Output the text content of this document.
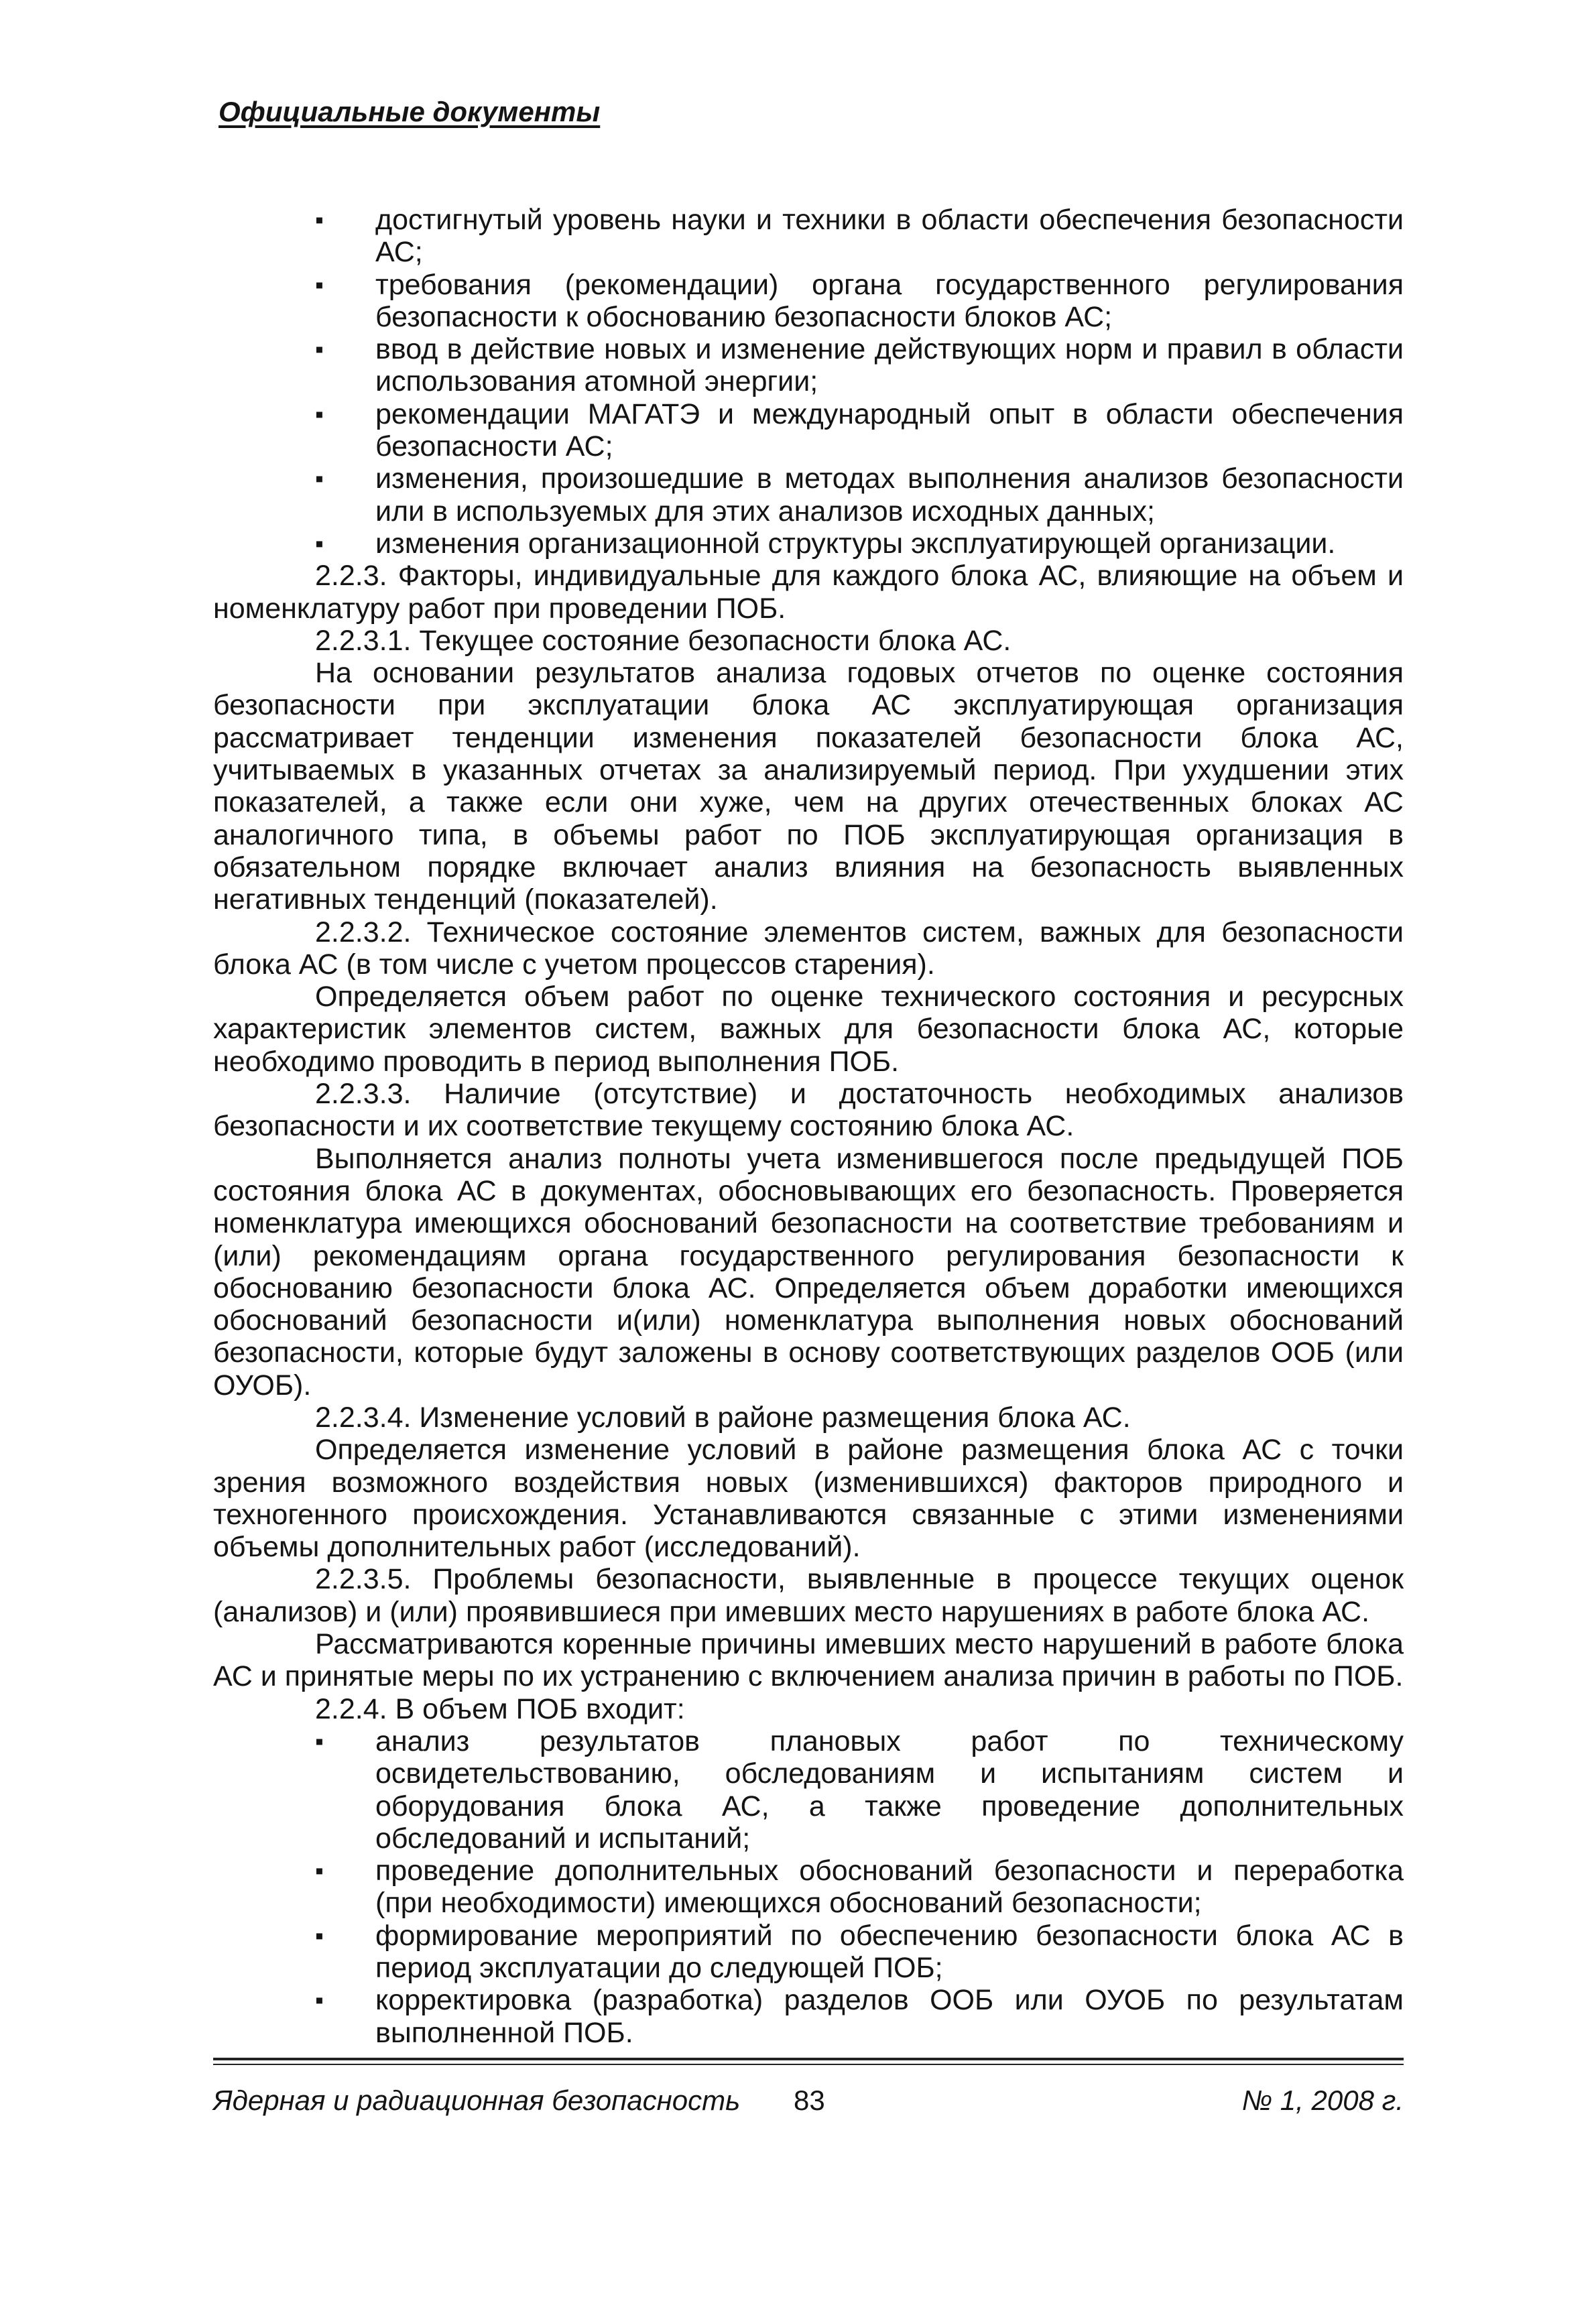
Официальные документы
▪ достигнутый уровень науки и техники в области обеспечения безопасности АС;
▪ требования (рекомендации) органа государственного регулирования безопасности к обоснованию безопасности блоков АС;
▪ ввод в действие новых и изменение действующих норм и правил в области использования атомной энергии;
▪ рекомендации МАГАТЭ и международный опыт в области обеспечения безопасности АС;
▪ изменения, произошедшие в методах выполнения анализов безопасности или в используемых для этих анализов исходных данных;
▪ изменения организационной структуры эксплуатирующей организации.

2.2.3. Факторы, индивидуальные для каждого блока АС, влияющие на объем и номенклатуру работ при проведении ПОБ.

2.2.3.1. Текущее состояние безопасности блока АС.

На основании результатов анализа годовых отчетов по оценке состояния безопасности при эксплуатации блока АС эксплуатирующая организация рассматривает тенденции изменения показателей безопасности блока АС, учитываемых в указанных отчетах за анализируемый период. При ухудшении этих показателей, а также если они хуже, чем на других отечественных блоках АС аналогичного типа, в объемы работ по ПОБ эксплуатирующая организация в обязательном порядке включает анализ влияния на безопасность выявленных негативных тенденций (показателей).

2.2.3.2. Техническое состояние элементов систем, важных для безопасности блока АС (в том числе с учетом процессов старения).

Определяется объем работ по оценке технического состояния и ресурсных характеристик элементов систем, важных для безопасности блока АС, которые необходимо проводить в период выполнения ПОБ.

2.2.3.3. Наличие (отсутствие) и достаточность необходимых анализов безопасности и их соответствие текущему состоянию блока АС.

Выполняется анализ полноты учета изменившегося после предыдущей ПОБ состояния блока АС в документах, обосновывающих его безопасность. Проверяется номенклатура имеющихся обоснований безопасности на соответствие требованиям и (или) рекомендациям органа государственного регулирования безопасности к обоснованию безопасности блока АС. Определяется объем доработки имеющихся обоснований безопасности и(или) номенклатура выполнения новых обоснований безопасности, которые будут заложены в основу соответствующих разделов ООБ (или ОУОБ).

2.2.3.4. Изменение условий в районе размещения блока АС.

Определяется изменение условий в районе размещения блока АС с точки зрения возможного воздействия новых (изменившихся) факторов природного и техногенного происхождения. Устанавливаются связанные с этими изменениями объемы дополнительных работ (исследований).

2.2.3.5. Проблемы безопасности, выявленные в процессе текущих оценок (анализов) и (или) проявившиеся при имевших место нарушениях в работе блока АС.

Рассматриваются коренные причины имевших место нарушений в работе блока АС и принятые меры по их устранению с включением анализа причин в работы по ПОБ.

2.2.4. В объем ПОБ входит:

▪ анализ результатов плановых работ по техническому освидетельствованию, обследованиям и испытаниям систем и оборудования блока АС, а также проведение дополнительных обследований и испытаний;
▪ проведение дополнительных обоснований безопасности и переработка (при необходимости) имеющихся обоснований безопасности;
▪ формирование мероприятий по обеспечению безопасности блока АС в период эксплуатации до следующей ПОБ;
▪ корректировка (разработка) разделов ООБ или ОУОБ по результатам выполненной ПОБ.
Ядерная и радиационная безопасность 83	№ 1, 2008 г.
